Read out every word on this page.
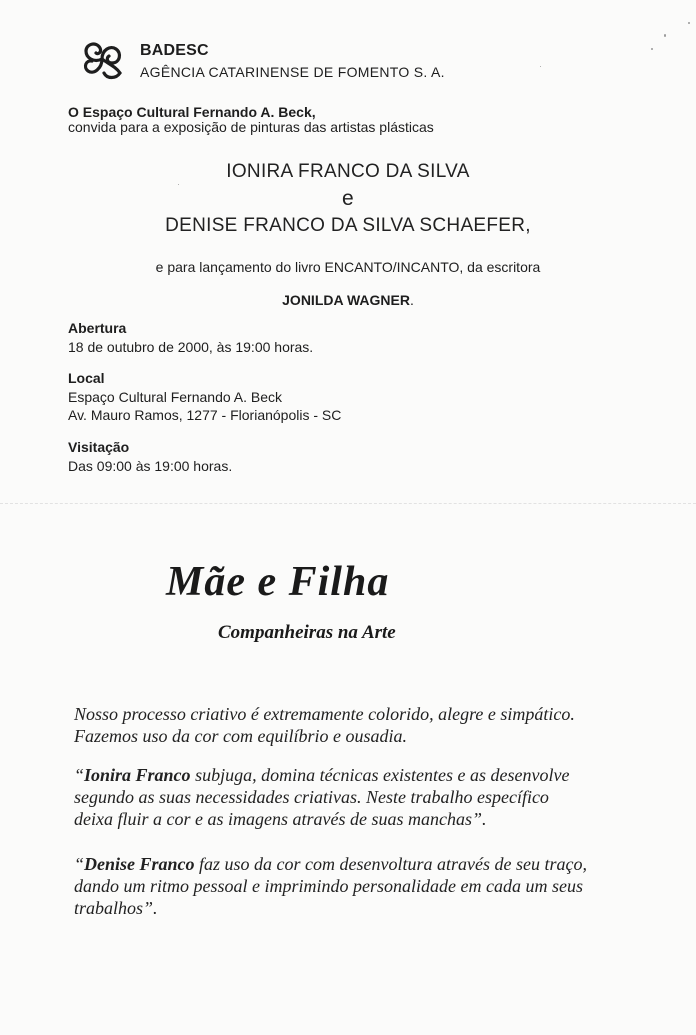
BADESC
AGÊNCIA CATARINENSE DE FOMENTO S. A.
O Espaço Cultural Fernando A. Beck,
convida para a exposição de pinturas das artistas plásticas
IONIRA FRANCO DA SILVA
e
DENISE FRANCO DA SILVA SCHAEFER,
e para lançamento do livro ENCANTO/INCANTO, da escritora
JONILDA WAGNER.
Abertura
18 de outubro de 2000, às 19:00 horas.
Local
Espaço Cultural Fernando A. Beck
Av. Mauro Ramos, 1277 - Florianópolis - SC
Visitação
Das 09:00 às 19:00 horas.
Mãe e Filha
Companheiras na Arte
Nosso processo criativo é extremamente colorido, alegre e simpático.
Fazemos uso da cor com equilíbrio e ousadia.
“Ionira Franco subjuga, domina técnicas existentes e as desenvolve
segundo as suas necessidades criativas. Neste trabalho específico
deixa fluir a cor e as imagens através de suas manchas”.
“Denise Franco faz uso da cor com desenvoltura através de seu traço,
dando um ritmo pessoal e imprimindo personalidade em cada um seus
trabalhos”.
